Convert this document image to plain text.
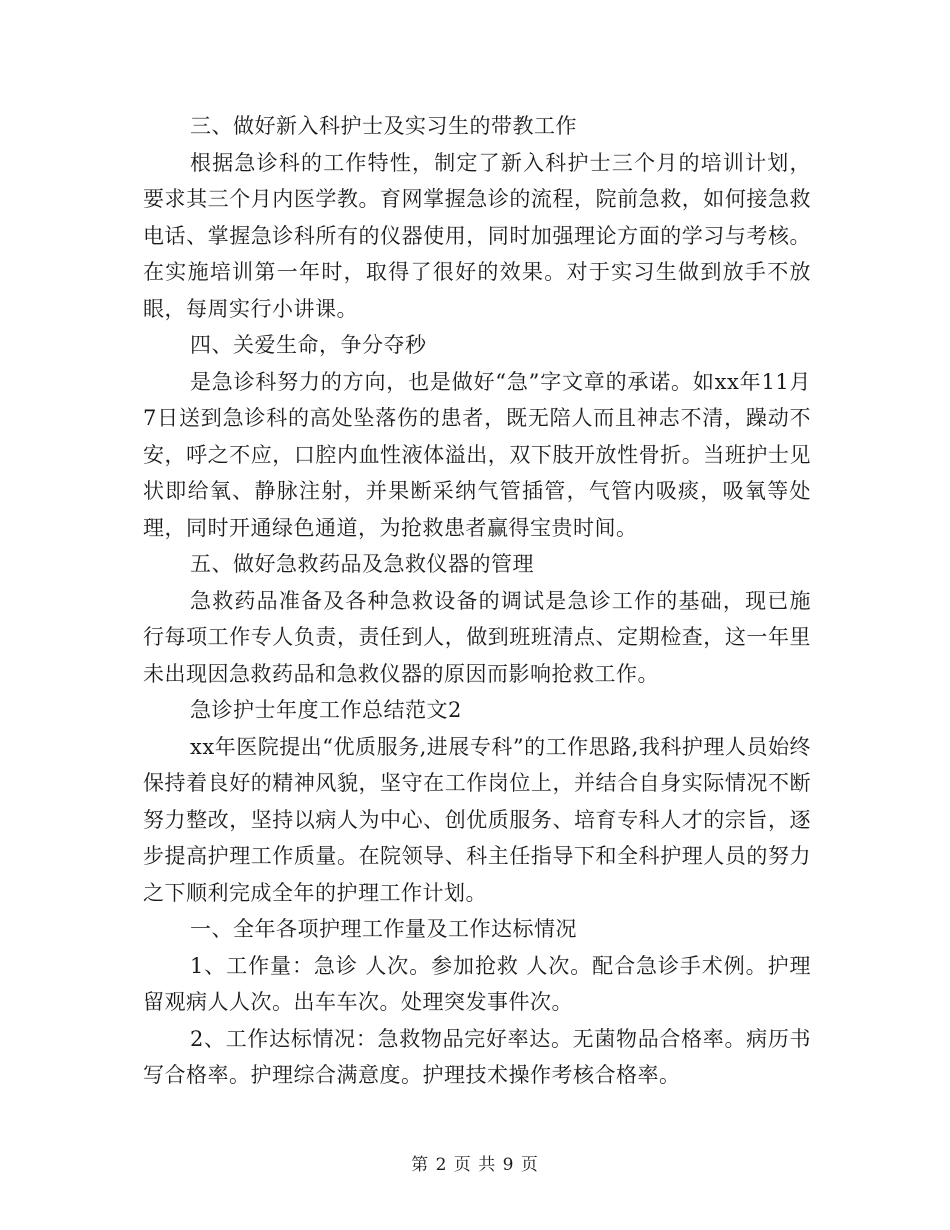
三、做好新入科护士及实习生的带教工作

根据急诊科的工作特性，制定了新入科护士三个月的培训计划，要求其三个月内医学教。育网掌握急诊的流程，院前急救，如何接急救电话、掌握急诊科所有的仪器使用，同时加强理论方面的学习与考核。在实施培训第一年时，取得了很好的效果。对于实习生做到放手不放眼，每周实行小讲课。

四、关爱生命，争分夺秒

是急诊科努力的方向，也是做好“急”字文章的承诺。如xx年11月7日送到急诊科的高处坠落伤的患者，既无陪人而且神志不清，躁动不安，呼之不应，口腔内血性液体溢出，双下肢开放性骨折。当班护士见状即给氧、静脉注射，并果断采纳气管插管，气管内吸痰，吸氧等处理，同时开通绿色通道，为抢救患者赢得宝贵时间。

五、做好急救药品及急救仪器的管理

急救药品准备及各种急救设备的调试是急诊工作的基础，现已施行每项工作专人负责，责任到人，做到班班清点、定期检查，这一年里未出现因急救药品和急救仪器的原因而影响抢救工作。

急诊护士年度工作总结范文2

xx年医院提出“优质服务,进展专科”的工作思路,我科护理人员始终保持着良好的精神风貌，坚守在工作岗位上，并结合自身实际情况不断努力整改，坚持以病人为中心、创优质服务、培育专科人才的宗旨，逐步提高护理工作质量。在院领导、科主任指导下和全科护理人员的努力之下顺利完成全年的护理工作计划。

一、全年各项护理工作量及工作达标情况

1、工作量：急诊 人次。参加抢救 人次。配合急诊手术例。护理留观病人人次。出车车次。处理突发事件次。

2、工作达标情况：急救物品完好率达。无菌物品合格率。病历书写合格率。护理综合满意度。护理技术操作考核合格率。

第 2 页 共 9 页
